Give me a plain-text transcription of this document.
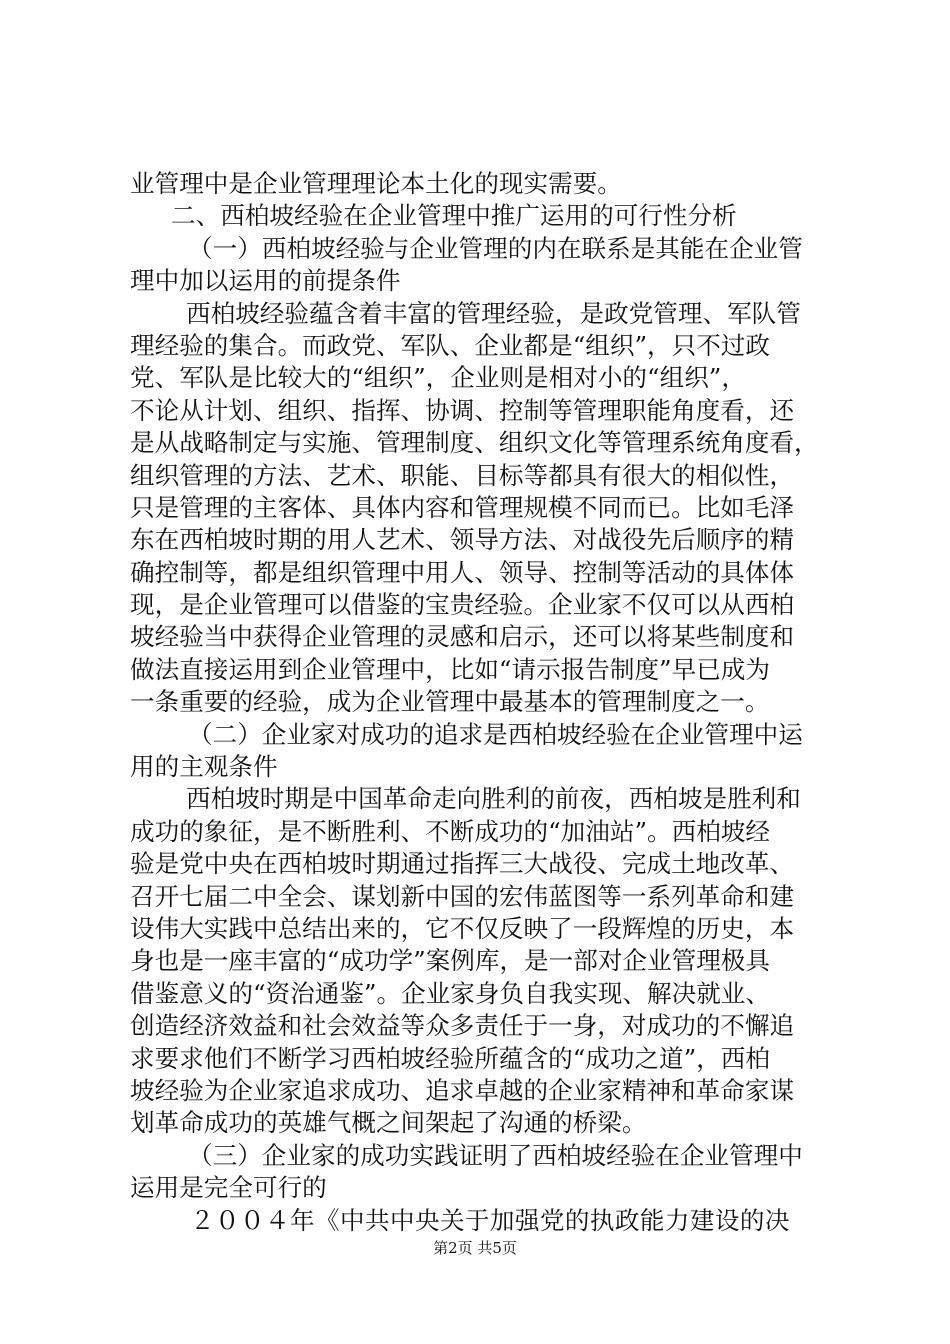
业管理中是企业管理理论本土化的现实需要。
二、西柏坡经验在企业管理中推广运用的可行性分析
（一）西柏坡经验与企业管理的内在联系是其能在企业管
理中加以运用的前提条件
西柏坡经验蕴含着丰富的管理经验，是政党管理、军队管
理经验的集合。而政党、军队、企业都是“组织”，只不过政
党、军队是比较大的“组织”，企业则是相对小的“组织”，
不论从计划、组织、指挥、协调、控制等管理职能角度看，还
是从战略制定与实施、管理制度、组织文化等管理系统角度看，
组织管理的方法、艺术、职能、目标等都具有很大的相似性，
只是管理的主客体、具体内容和管理规模不同而已。比如毛泽
东在西柏坡时期的用人艺术、领导方法、对战役先后顺序的精
确控制等，都是组织管理中用人、领导、控制等活动的具体体
现，是企业管理可以借鉴的宝贵经验。企业家不仅可以从西柏
坡经验当中获得企业管理的灵感和启示，还可以将某些制度和
做法直接运用到企业管理中，比如“请示报告制度”早已成为
一条重要的经验，成为企业管理中最基本的管理制度之一。
（二）企业家对成功的追求是西柏坡经验在企业管理中运
用的主观条件
西柏坡时期是中国革命走向胜利的前夜，西柏坡是胜利和
成功的象征，是不断胜利、不断成功的“加油站”。西柏坡经
验是党中央在西柏坡时期通过指挥三大战役、完成土地改革、
召开七届二中全会、谋划新中国的宏伟蓝图等一系列革命和建
设伟大实践中总结出来的，它不仅反映了一段辉煌的历史，本
身也是一座丰富的“成功学”案例库，是一部对企业管理极具
借鉴意义的“资治通鉴”。企业家身负自我实现、解决就业、
创造经济效益和社会效益等众多责任于一身，对成功的不懈追
求要求他们不断学习西柏坡经验所蕴含的“成功之道”，西柏
坡经验为企业家追求成功、追求卓越的企业家精神和革命家谋
划革命成功的英雄气概之间架起了沟通的桥梁。
（三）企业家的成功实践证明了西柏坡经验在企业管理中
运用是完全可行的
２００４年《中共中央关于加强党的执政能力建设的决
第2页 共5页
